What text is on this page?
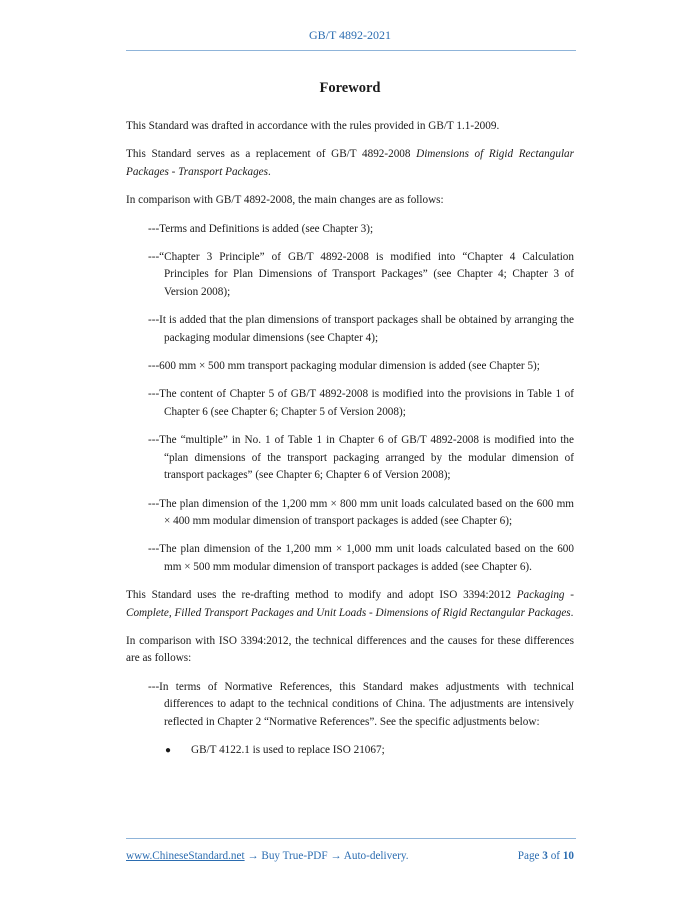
GB/T 4892-2021
Foreword

This Standard was drafted in accordance with the rules provided in GB/T 1.1-2009.

This Standard serves as a replacement of GB/T 4892-2008 Dimensions of Rigid Rectangular Packages - Transport Packages.

In comparison with GB/T 4892-2008, the main changes are as follows:

---Terms and Definitions is added (see Chapter 3);

---“Chapter 3 Principle” of GB/T 4892-2008 is modified into “Chapter 4 Calculation Principles for Plan Dimensions of Transport Packages” (see Chapter 4; Chapter 3 of Version 2008);

---It is added that the plan dimensions of transport packages shall be obtained by arranging the packaging modular dimensions (see Chapter 4);

---600 mm × 500 mm transport packaging modular dimension is added (see Chapter 5);

---The content of Chapter 5 of GB/T 4892-2008 is modified into the provisions in Table 1 of Chapter 6 (see Chapter 6; Chapter 5 of Version 2008);

---The “multiple” in No. 1 of Table 1 in Chapter 6 of GB/T 4892-2008 is modified into the “plan dimensions of the transport packaging arranged by the modular dimension of transport packages” (see Chapter 6; Chapter 6 of Version 2008);

---The plan dimension of the 1,200 mm × 800 mm unit loads calculated based on the 600 mm × 400 mm modular dimension of transport packages is added (see Chapter 6);

---The plan dimension of the 1,200 mm × 1,000 mm unit loads calculated based on the 600 mm × 500 mm modular dimension of transport packages is added (see Chapter 6).

This Standard uses the re-drafting method to modify and adopt ISO 3394:2012 Packaging - Complete, Filled Transport Packages and Unit Loads - Dimensions of Rigid Rectangular Packages.

In comparison with ISO 3394:2012, the technical differences and the causes for these differences are as follows:

---In terms of Normative References, this Standard makes adjustments with technical differences to adapt to the technical conditions of China. The adjustments are intensively reflected in Chapter 2 “Normative References”. See the specific adjustments below:

●	GB/T 4122.1 is used to replace ISO 21067;

www.ChineseStandard.net → Buy True-PDF → Auto-delivery.	Page 3 of 10
